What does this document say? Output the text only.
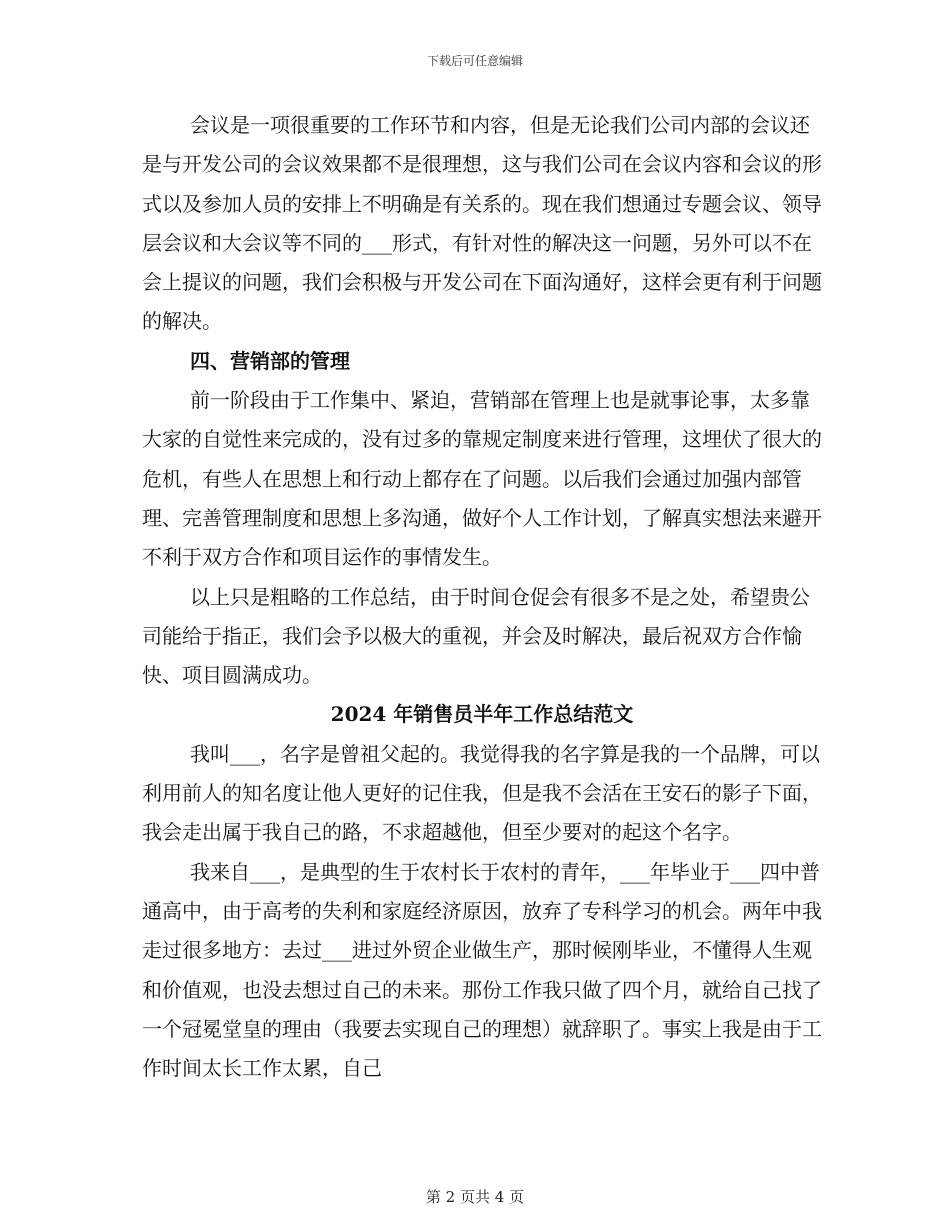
下载后可任意编辑

会议是一项很重要的工作环节和内容，但是无论我们公司内部的会议还是与开发公司的会议效果都不是很理想，这与我们公司在会议内容和会议的形式以及参加人员的安排上不明确是有关系的。现在我们想通过专题会议、领导层会议和大会议等不同的___形式，有针对性的解决这一问题，另外可以不在会上提议的问题，我们会积极与开发公司在下面沟通好，这样会更有利于问题的解决。

四、营销部的管理

前一阶段由于工作集中、紧迫，营销部在管理上也是就事论事，太多靠大家的自觉性来完成的，没有过多的靠规定制度来进行管理，这埋伏了很大的危机，有些人在思想上和行动上都存在了问题。以后我们会通过加强内部管理、完善管理制度和思想上多沟通，做好个人工作计划，了解真实想法来避开不利于双方合作和项目运作的事情发生。

以上只是粗略的工作总结，由于时间仓促会有很多不是之处，希望贵公司能给于指正，我们会予以极大的重视，并会及时解决，最后祝双方合作愉快、项目圆满成功。

2024 年销售员半年工作总结范文

我叫___，名字是曾祖父起的。我觉得我的名字算是我的一个品牌，可以利用前人的知名度让他人更好的记住我，但是我不会活在王安石的影子下面，我会走出属于我自己的路，不求超越他，但至少要对的起这个名字。

我来自___，是典型的生于农村长于农村的青年，___年毕业于___四中普通高中，由于高考的失利和家庭经济原因，放弃了专科学习的机会。两年中我走过很多地方：去过___进过外贸企业做生产，那时候刚毕业，不懂得人生观和价值观，也没去想过自己的未来。那份工作我只做了四个月，就给自己找了一个冠冕堂皇的理由（我要去实现自己的理想）就辞职了。事实上我是由于工作时间太长工作太累，自己

第 2 页共 4 页
